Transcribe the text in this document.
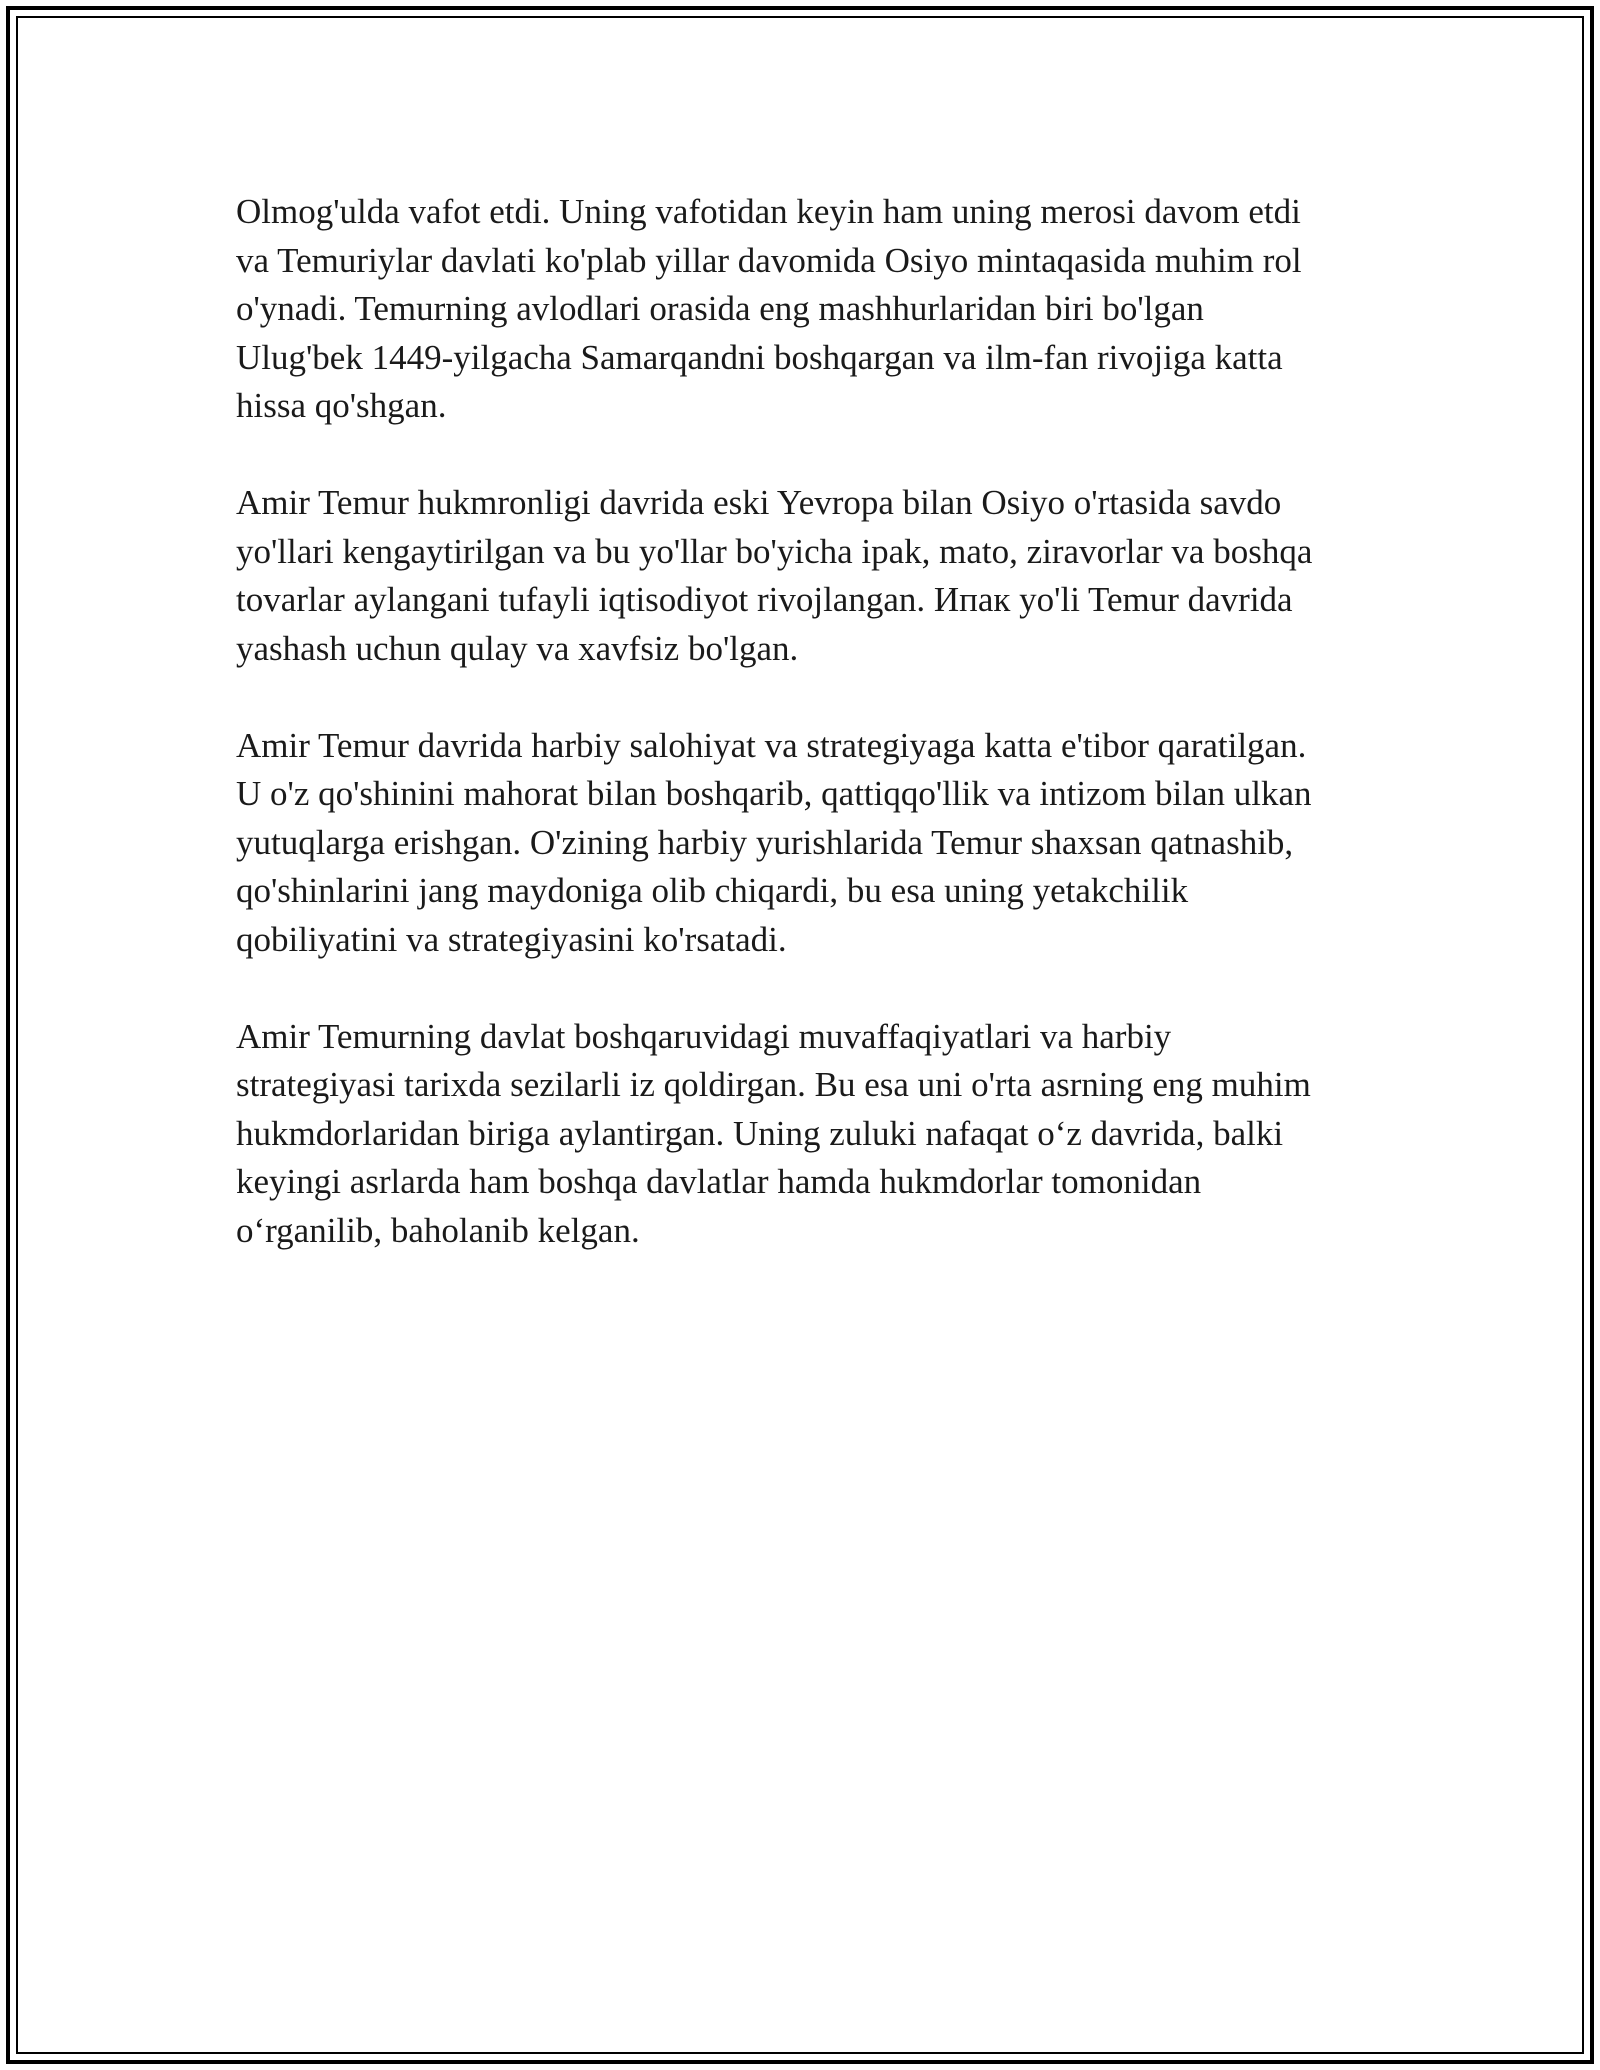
Olmog'ulda vafot etdi. Uning vafotidan keyin ham uning merosi davom etdi
va Temuriylar davlati ko'plab yillar davomida Osiyo mintaqasida muhim rol
o'ynadi. Temurning avlodlari orasida eng mashhurlaridan biri bo'lgan
Ulug'bek 1449-yilgacha Samarqandni boshqargan va ilm-fan rivojiga katta
hissa qo'shgan.

Amir Temur hukmronligi davrida eski Yevropa bilan Osiyo o'rtasida savdo
yo'llari kengaytirilgan va bu yo'llar bo'yicha ipak, mato, ziravorlar va boshqa
tovarlar aylangani tufayli iqtisodiyot rivojlangan. Ипак yo'li Temur davrida
yashash uchun qulay va xavfsiz bo'lgan.

Amir Temur davrida harbiy salohiyat va strategiyaga katta e'tibor qaratilgan.
U o'z qo'shinini mahorat bilan boshqarib, qattiqqo'llik va intizom bilan ulkan
yutuqlarga erishgan. O'zining harbiy yurishlarida Temur shaxsan qatnashib,
qo'shinlarini jang maydoniga olib chiqardi, bu esa uning yetakchilik
qobiliyatini va strategiyasini ko'rsatadi.

Amir Temurning davlat boshqaruvidagi muvaffaqiyatlari va harbiy
strategiyasi tarixda sezilarli iz qoldirgan. Bu esa uni o'rta asrning eng muhim
hukmdorlaridan biriga aylantirgan. Uning zuluki nafaqat oʻz davrida, balki
keyingi asrlarda ham boshqa davlatlar hamda hukmdorlar tomonidan
oʻrganilib, baholanib kelgan.
